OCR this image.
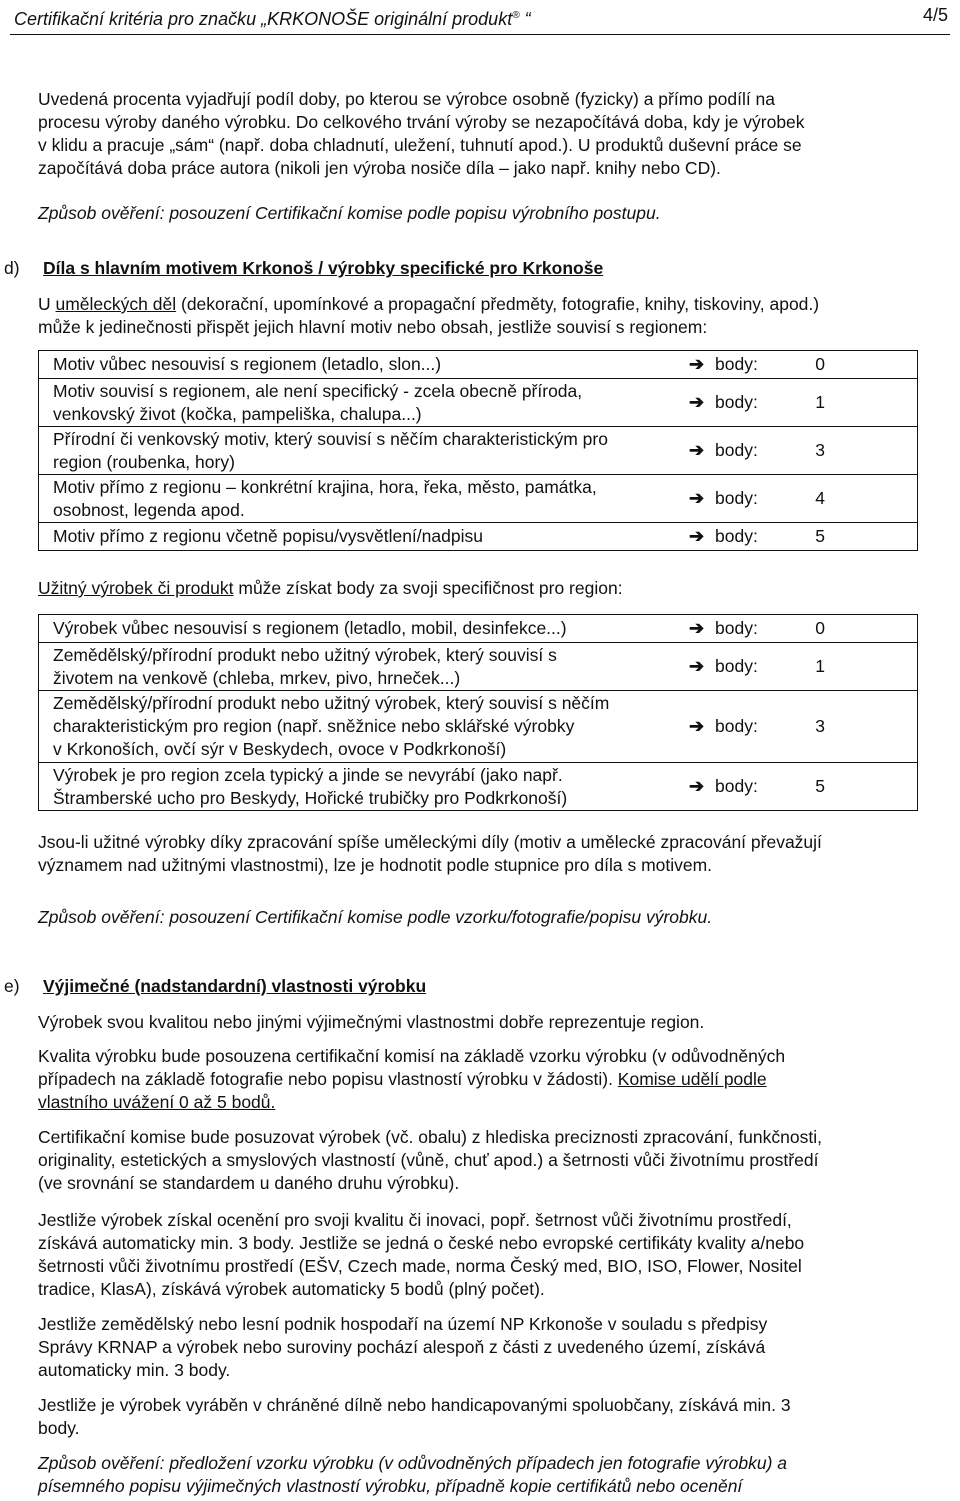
Certifikační kritéria pro značku „KRKONOŠE originální produkt® “	4/5
Uvedená procenta vyjadřují podíl doby, po kterou se výrobce osobně (fyzicky) a přímo podílí na
procesu výroby daného výrobku. Do celkového trvání výroby se nezapočítává doba, kdy je výrobek
v klidu a pracuje „sám“ (např. doba chladnutí, uležení, tuhnutí apod.). U produktů duševní práce se
započítává doba práce autora (nikoli jen výroba nosiče díla – jako např. knihy nebo CD).
Způsob ověření: posouzení Certifikační komise podle popisu výrobního postupu.
d) Díla s hlavním motivem Krkonoš / výrobky specifické pro Krkonoše
U uměleckých děl (dekorační, upomínkové a propagační předměty, fotografie, knihy, tiskoviny, apod.)
může k jedinečnosti přispět jejich hlavní motiv nebo obsah, jestliže souvisí s regionem:
Motiv vůbec nesouvisí s regionem (letadlo, slon...)	➔ body: 0

Motiv souvisí s regionem, ale není specifický - zcela obecně příroda,
venkovský život (kočka, pampeliška, chalupa...)	➔ body: 1

Přírodní či venkovský motiv, který souvisí s něčím charakteristickým pro
region (roubenka, hory)	➔ body: 3

Motiv přímo z regionu – konkrétní krajina, hora, řeka, město, památka,
osobnost, legenda apod.	➔ body: 4

Motiv přímo z regionu včetně popisu/vysvětlení/nadpisu	➔ body: 5
Užitný výrobek či produkt může získat body za svoji specifičnost pro region:
Výrobek vůbec nesouvisí s regionem (letadlo, mobil, desinfekce...)	➔ body: 0

Zemědělský/přírodní produkt nebo užitný výrobek, který souvisí s
životem na venkově (chleba, mrkev, pivo, hrneček...)	➔ body: 1

Zemědělský/přírodní produkt nebo užitný výrobek, který souvisí s něčím
charakteristickým pro region (např. sněžnice nebo sklářské výrobky
v Krkonoších, ovčí sýr v Beskydech, ovoce v Podkrkonoší)	➔ body: 3

Výrobek je pro region zcela typický a jinde se nevyrábí (jako např.
Štramberské ucho pro Beskydy, Hořické trubičky pro Podkrkonoší)	➔ body: 5
Jsou-li užitné výrobky díky zpracování spíše uměleckými díly (motiv a umělecké zpracování převažují
významem nad užitnými vlastnostmi), lze je hodnotit podle stupnice pro díla s motivem.
Způsob ověření: posouzení Certifikační komise podle vzorku/fotografie/popisu výrobku.
e) Výjimečné (nadstandardní) vlastnosti výrobku
Výrobek svou kvalitou nebo jinými výjimečnými vlastnostmi dobře reprezentuje region.
Kvalita výrobku bude posouzena certifikační komisí na základě vzorku výrobku (v odůvodněných
případech na základě fotografie nebo popisu vlastností výrobku v žádosti). Komise udělí podle
vlastního uvážení 0 až 5 bodů.
Certifikační komise bude posuzovat výrobek (vč. obalu) z hlediska preciznosti zpracování, funkčnosti,
originality, estetických a smyslových vlastností (vůně, chuť apod.) a šetrnosti vůči životnímu prostředí
(ve srovnání se standardem u daného druhu výrobku).
Jestliže výrobek získal ocenění pro svoji kvalitu či inovaci, popř. šetrnost vůči životnímu prostředí,
získává automaticky min. 3 body. Jestliže se jedná o české nebo evropské certifikáty kvality a/nebo
šetrnosti vůči životnímu prostředí (EŠV, Czech made, norma Český med, BIO, ISO, Flower, Nositel
tradice, KlasA), získává výrobek automaticky 5 bodů (plný počet).
Jestliže zemědělský nebo lesní podnik hospodaří na území NP Krkonoše v souladu s předpisy
Správy KRNAP a výrobek nebo suroviny pochází alespoň z části z uvedeného území, získává
automaticky min. 3 body.
Jestliže je výrobek vyráběn v chráněné dílně nebo handicapovanými spoluobčany, získává min. 3
body.
Způsob ověření: předložení vzorku výrobku (v odůvodněných případech jen fotografie výrobku) a
písemného popisu výjimečných vlastností výrobku, případně kopie certifikátů nebo ocenění
